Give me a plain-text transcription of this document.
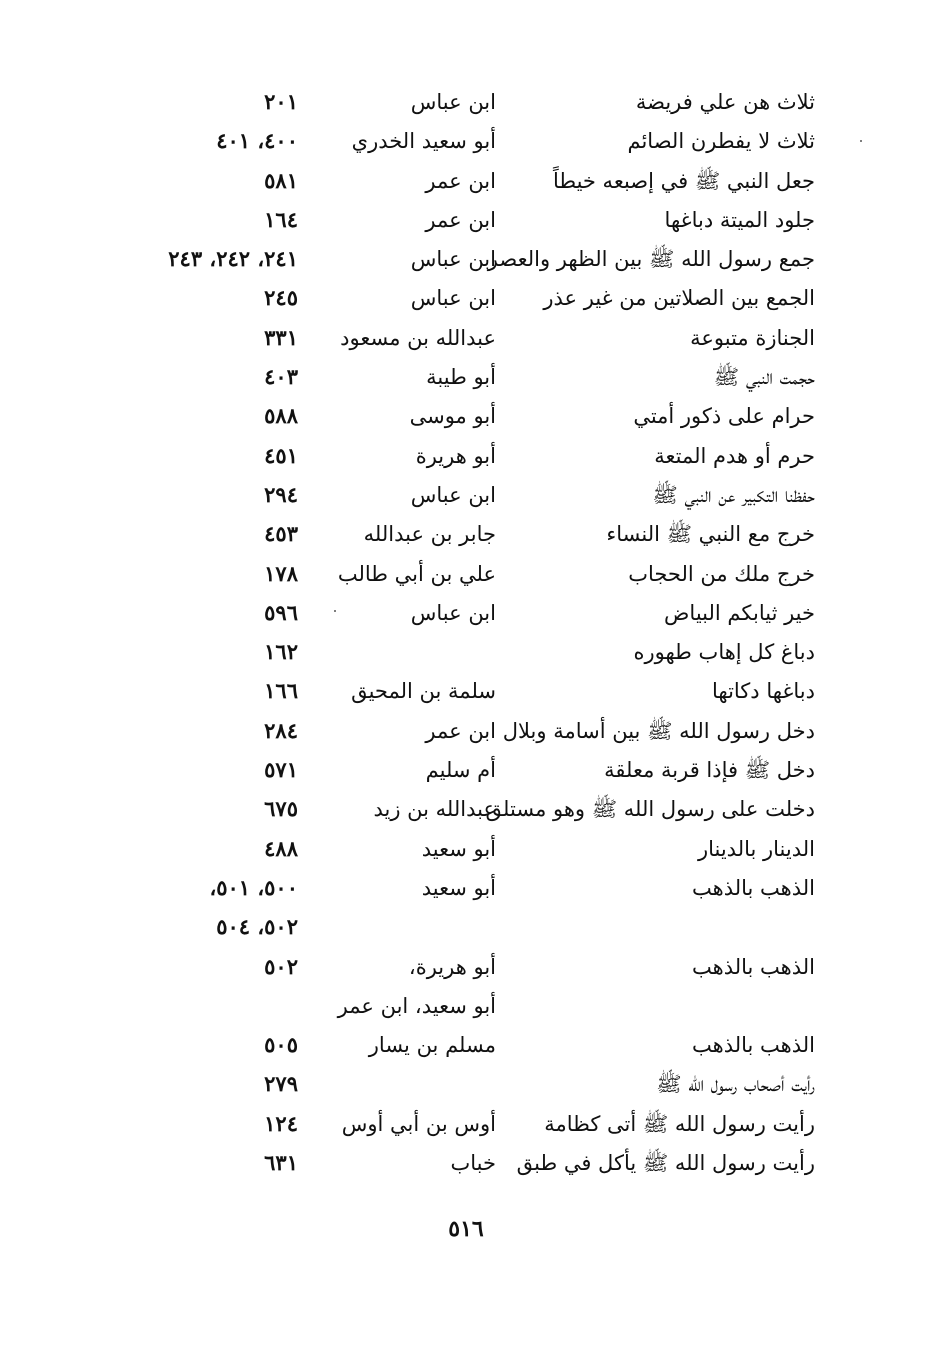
ثلاث هن علي فريضة
ابن عباس
٢٠١
ثلاث لا يفطرن الصائم
أبو سعيد الخدري
٤٠٠، ٤٠١
جعل النبي ﷺ في إصبعه خيطاً
ابن عمر
٥٨١
جلود الميتة دباغها
ابن عمر
١٦٤
جمع رسول الله ﷺ بين الظهر والعصر
ابن عباس
٢٤١، ٢٤٢، ٢٤٣
الجمع بين الصلاتين من غير عذر
ابن عباس
٢٤٥
الجنازة متبوعة
عبدالله بن مسعود
٣٣١
حجمت النبي ﷺ
أبو طيبة
٤٠٣
حرام على ذكور أمتي
أبو موسى
٥٨٨
حرم أو هدم المتعة
أبو هريرة
٤٥١
حفظنا التكبير عن النبي ﷺ
ابن عباس
٢٩٤
خرج مع النبي ﷺ النساء
جابر بن عبدالله
٤٥٣
خرج ملك من الحجاب
علي بن أبي طالب
١٧٨
خير ثيابكم البياض
ابن عباس
٥٩٦
دباغ كل إهاب طهوره
١٦٢
دباغها دكاتها
سلمة بن المحيق
١٦٦
دخل رسول الله ﷺ بين أسامة وبلال
ابن عمر
٢٨٤
دخل ﷺ فإذا قربة معلقة
أم سليم
٥٧١
دخلت على رسول الله ﷺ وهو مستلق
عبدالله بن زيد
٦٧٥
الدينار بالدينار
أبو سعيد
٤٨٨
الذهب بالذهب
أبو سعيد
٥٠٠، ٥٠١،
٥٠٢، ٥٠٤
الذهب بالذهب
أبو هريرة،
٥٠٢
أبو سعيد، ابن عمر
الذهب بالذهب
مسلم بن يسار
٥٠٥
رأيت أصحاب رسول الله ﷺ
٢٧٩
رأيت رسول الله ﷺ أتى كظامة
أوس بن أبي أوس
١٢٤
رأيت رسول الله ﷺ يأكل في طبق
خباب
٦٣١
٥١٦
